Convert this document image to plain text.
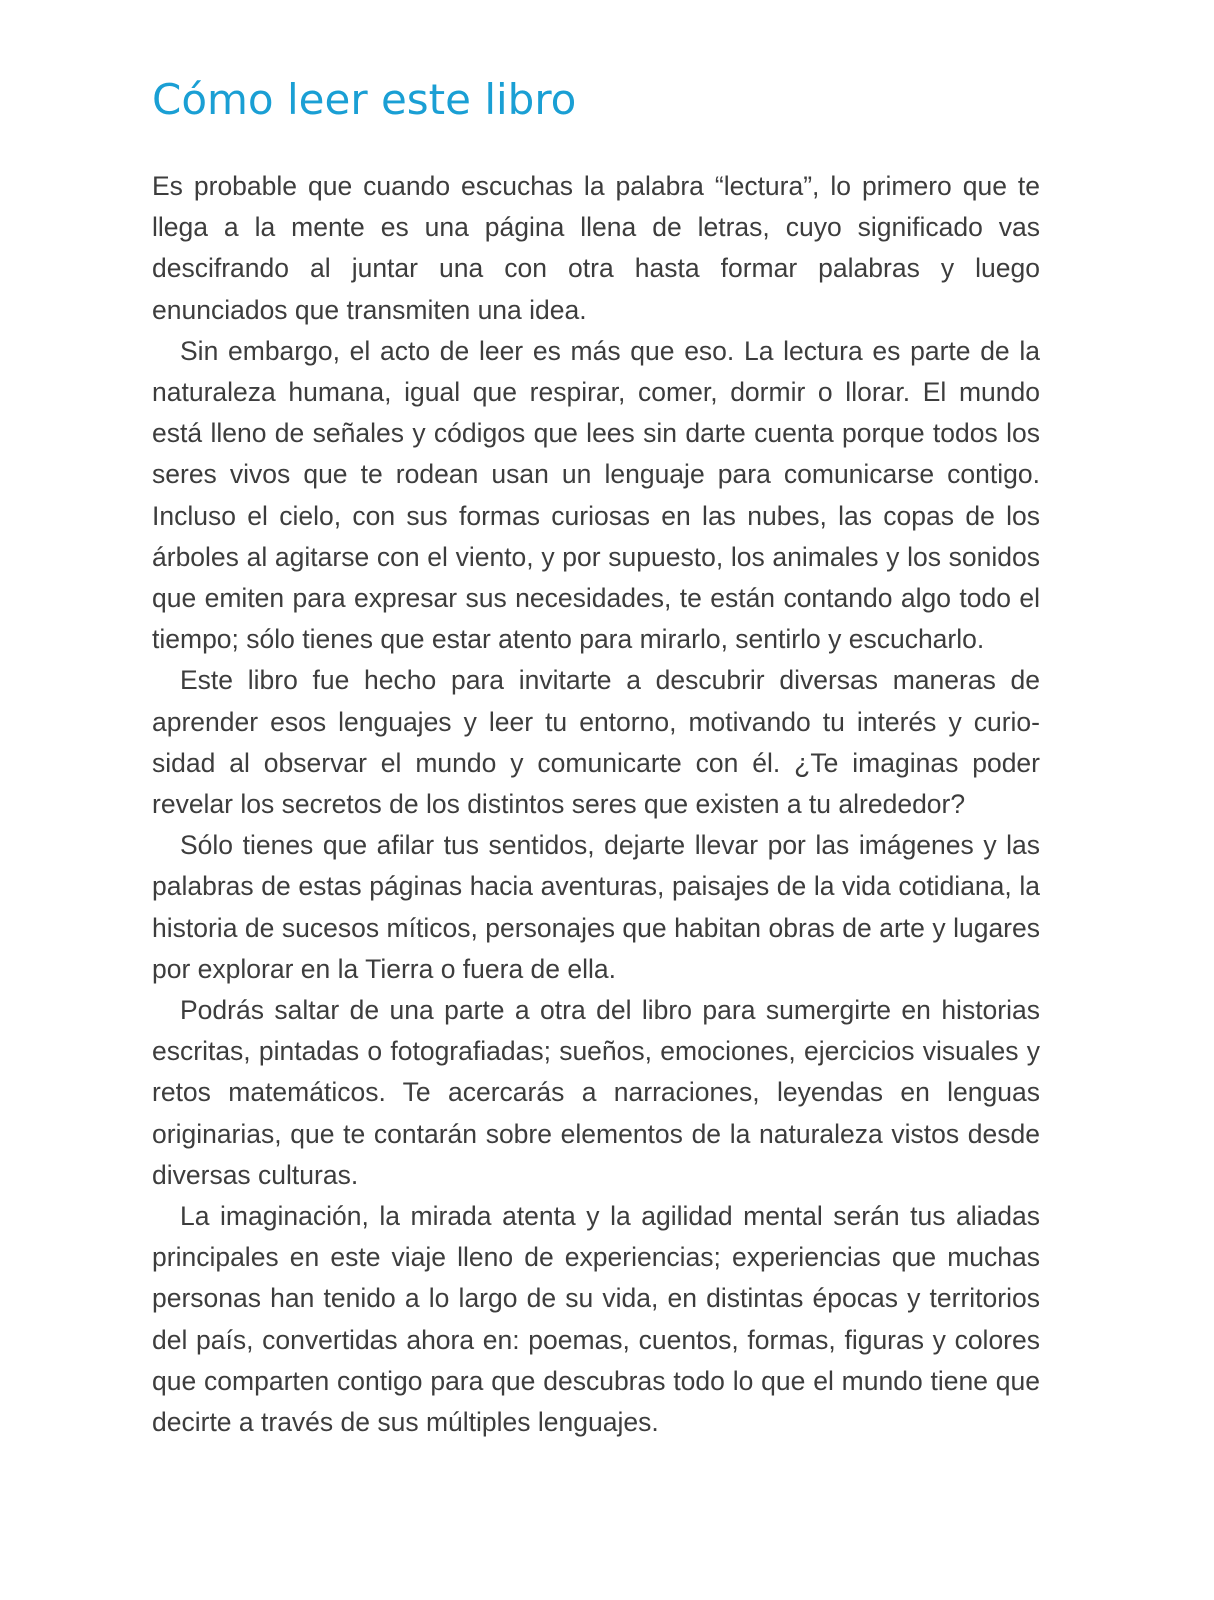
Cómo leer este libro

Es probable que cuando escuchas la palabra “lectura”, lo primero que te llega a la mente es una página llena de letras, cuyo significado vas descifrando al juntar una con otra hasta formar palabras y luego enunciados que transmiten una idea.

Sin embargo, el acto de leer es más que eso. La lectura es parte de la naturaleza humana, igual que respirar, comer, dormir o llorar. El mundo está lleno de señales y códigos que lees sin darte cuenta porque todos los seres vivos que te rodean usan un lenguaje para comunicarse contigo. Incluso el cielo, con sus formas curiosas en las nubes, las copas de los árboles al agitarse con el viento, y por supuesto, los animales y los sonidos que emiten para expresar sus necesidades, te están contando algo todo el tiempo; sólo tienes que estar atento para mirarlo, sentirlo y escucharlo.

Este libro fue hecho para invitarte a descubrir diversas maneras de aprender esos lenguajes y leer tu entorno, motivando tu interés y curiosidad al observar el mundo y comunicarte con él. ¿Te imaginas poder revelar los secretos de los distintos seres que existen a tu alrededor?

Sólo tienes que afilar tus sentidos, dejarte llevar por las imágenes y las palabras de estas páginas hacia aventuras, paisajes de la vida cotidiana, la historia de sucesos míticos, personajes que habitan obras de arte y lugares por explorar en la Tierra o fuera de ella.

Podrás saltar de una parte a otra del libro para sumergirte en historias escritas, pintadas o fotografiadas; sueños, emociones, ejercicios visuales y retos matemáticos. Te acercarás a narraciones, leyendas en lenguas originarias, que te contarán sobre elementos de la naturaleza vistos desde diversas culturas.

La imaginación, la mirada atenta y la agilidad mental serán tus aliadas principales en este viaje lleno de experiencias; experiencias que muchas personas han tenido a lo largo de su vida, en distintas épocas y territorios del país, convertidas ahora en: poemas, cuentos, formas, figuras y colores que comparten contigo para que descubras todo lo que el mundo tiene que decirte a través de sus múltiples lenguajes.
